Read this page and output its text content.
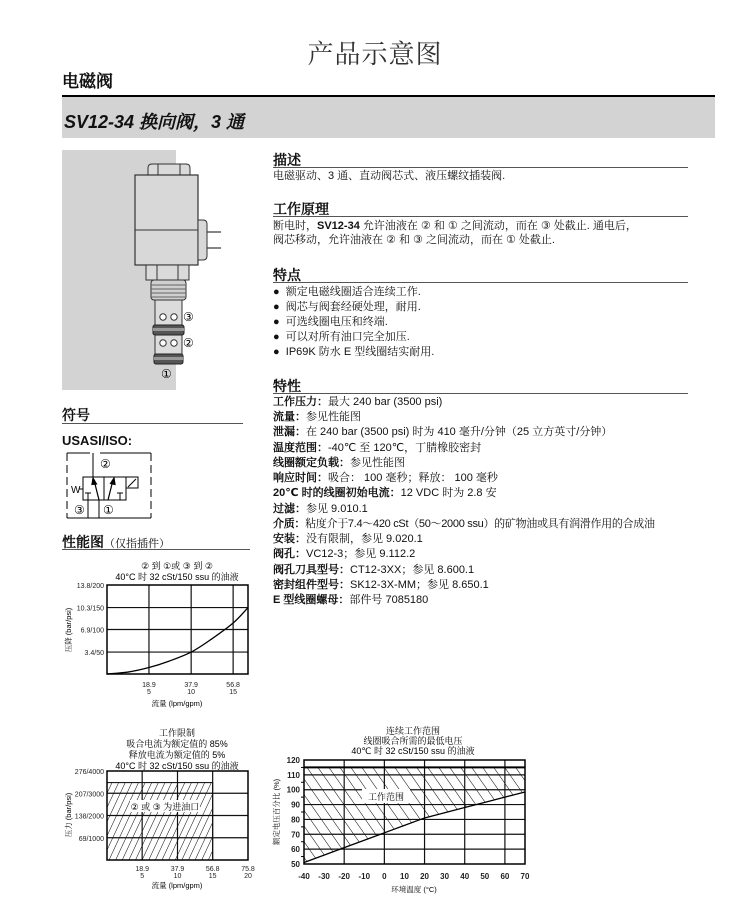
产品示意图
电磁阀
SV12-34 换向阀，3 通
③
②
①
符号
USASI/ISO:
②
W
③ ①
性能图（仅指插件）
描述
电磁驱动、3 通、直动阀芯式、液压螺纹插装阀.
工作原理
断电时，SV12-34 允许油液在 ② 和 ① 之间流动，而在 ③ 处截止. 通电后，
阀芯移动，允许油液在 ② 和 ③ 之间流动，而在 ① 处截止.
特点
● 额定电磁线圈适合连续工作.
● 阀芯与阀套经硬处理，耐用.
● 可选线圈电压和终端.
● 可以对所有油口完全加压.
● IP69K 防水 E 型线圈结实耐用.
特性
工作压力：最大 240 bar (3500 psi)
流量：参见性能图
泄漏：在 240 bar (3500 psi) 时为 410 毫升/分钟（25 立方英寸/分钟）
温度范围：-40℃ 至 120℃，丁腈橡胶密封
线圈额定负载：参见性能图
响应时间：吸合： 100 毫秒；释放： 100 毫秒
20℃ 时的线圈初始电流：12 VDC 时为 2.8 安
过滤：参见 9.010.1
介质：粘度介于7.4～420 cSt（50～2000 ssu）的矿物油或具有润滑作用的合成油
安装：没有限制，参见 9.020.1
阀孔：VC12-3；参见 9.112.2
阀孔刀具型号：CT12-3XX；参见 8.600.1
密封组件型号：SK12-3X-MM；参见 8.650.1
E 型线圈螺母：部件号 7085180
② 到 ①或 ③ 到 ②
40°C 时 32 cSt/150 ssu 的油液
流量 (lpm/gpm)
压降 (bar/psi)
3.4/50
6.9/100
10.3/150
13.8/200
18.9
5
37.9
10
56.8
15
工作限制
吸合电流为额定值的 85%
释放电流为额定值的 5%
40°C 时 32 cSt/150 ssu 的油液
流量 (lpm/gpm)
压力 (bar/psi)	② 或 ③ 为进油口
69/1000
138/2000
207/3000
276/4000
18.9
5
37.9
10
56.8
15
75.8
20
连续工作范围
线圈吸合所需的最低电压
40℃ 时 32 cSt/150 ssu 的油液
环境温度 (°C)
额定电压百分比 (%)	工作范围
50
60
70
80
90
100
110
120
-40 -30 -20 -10 0 10 20 30 40 50 60 70
